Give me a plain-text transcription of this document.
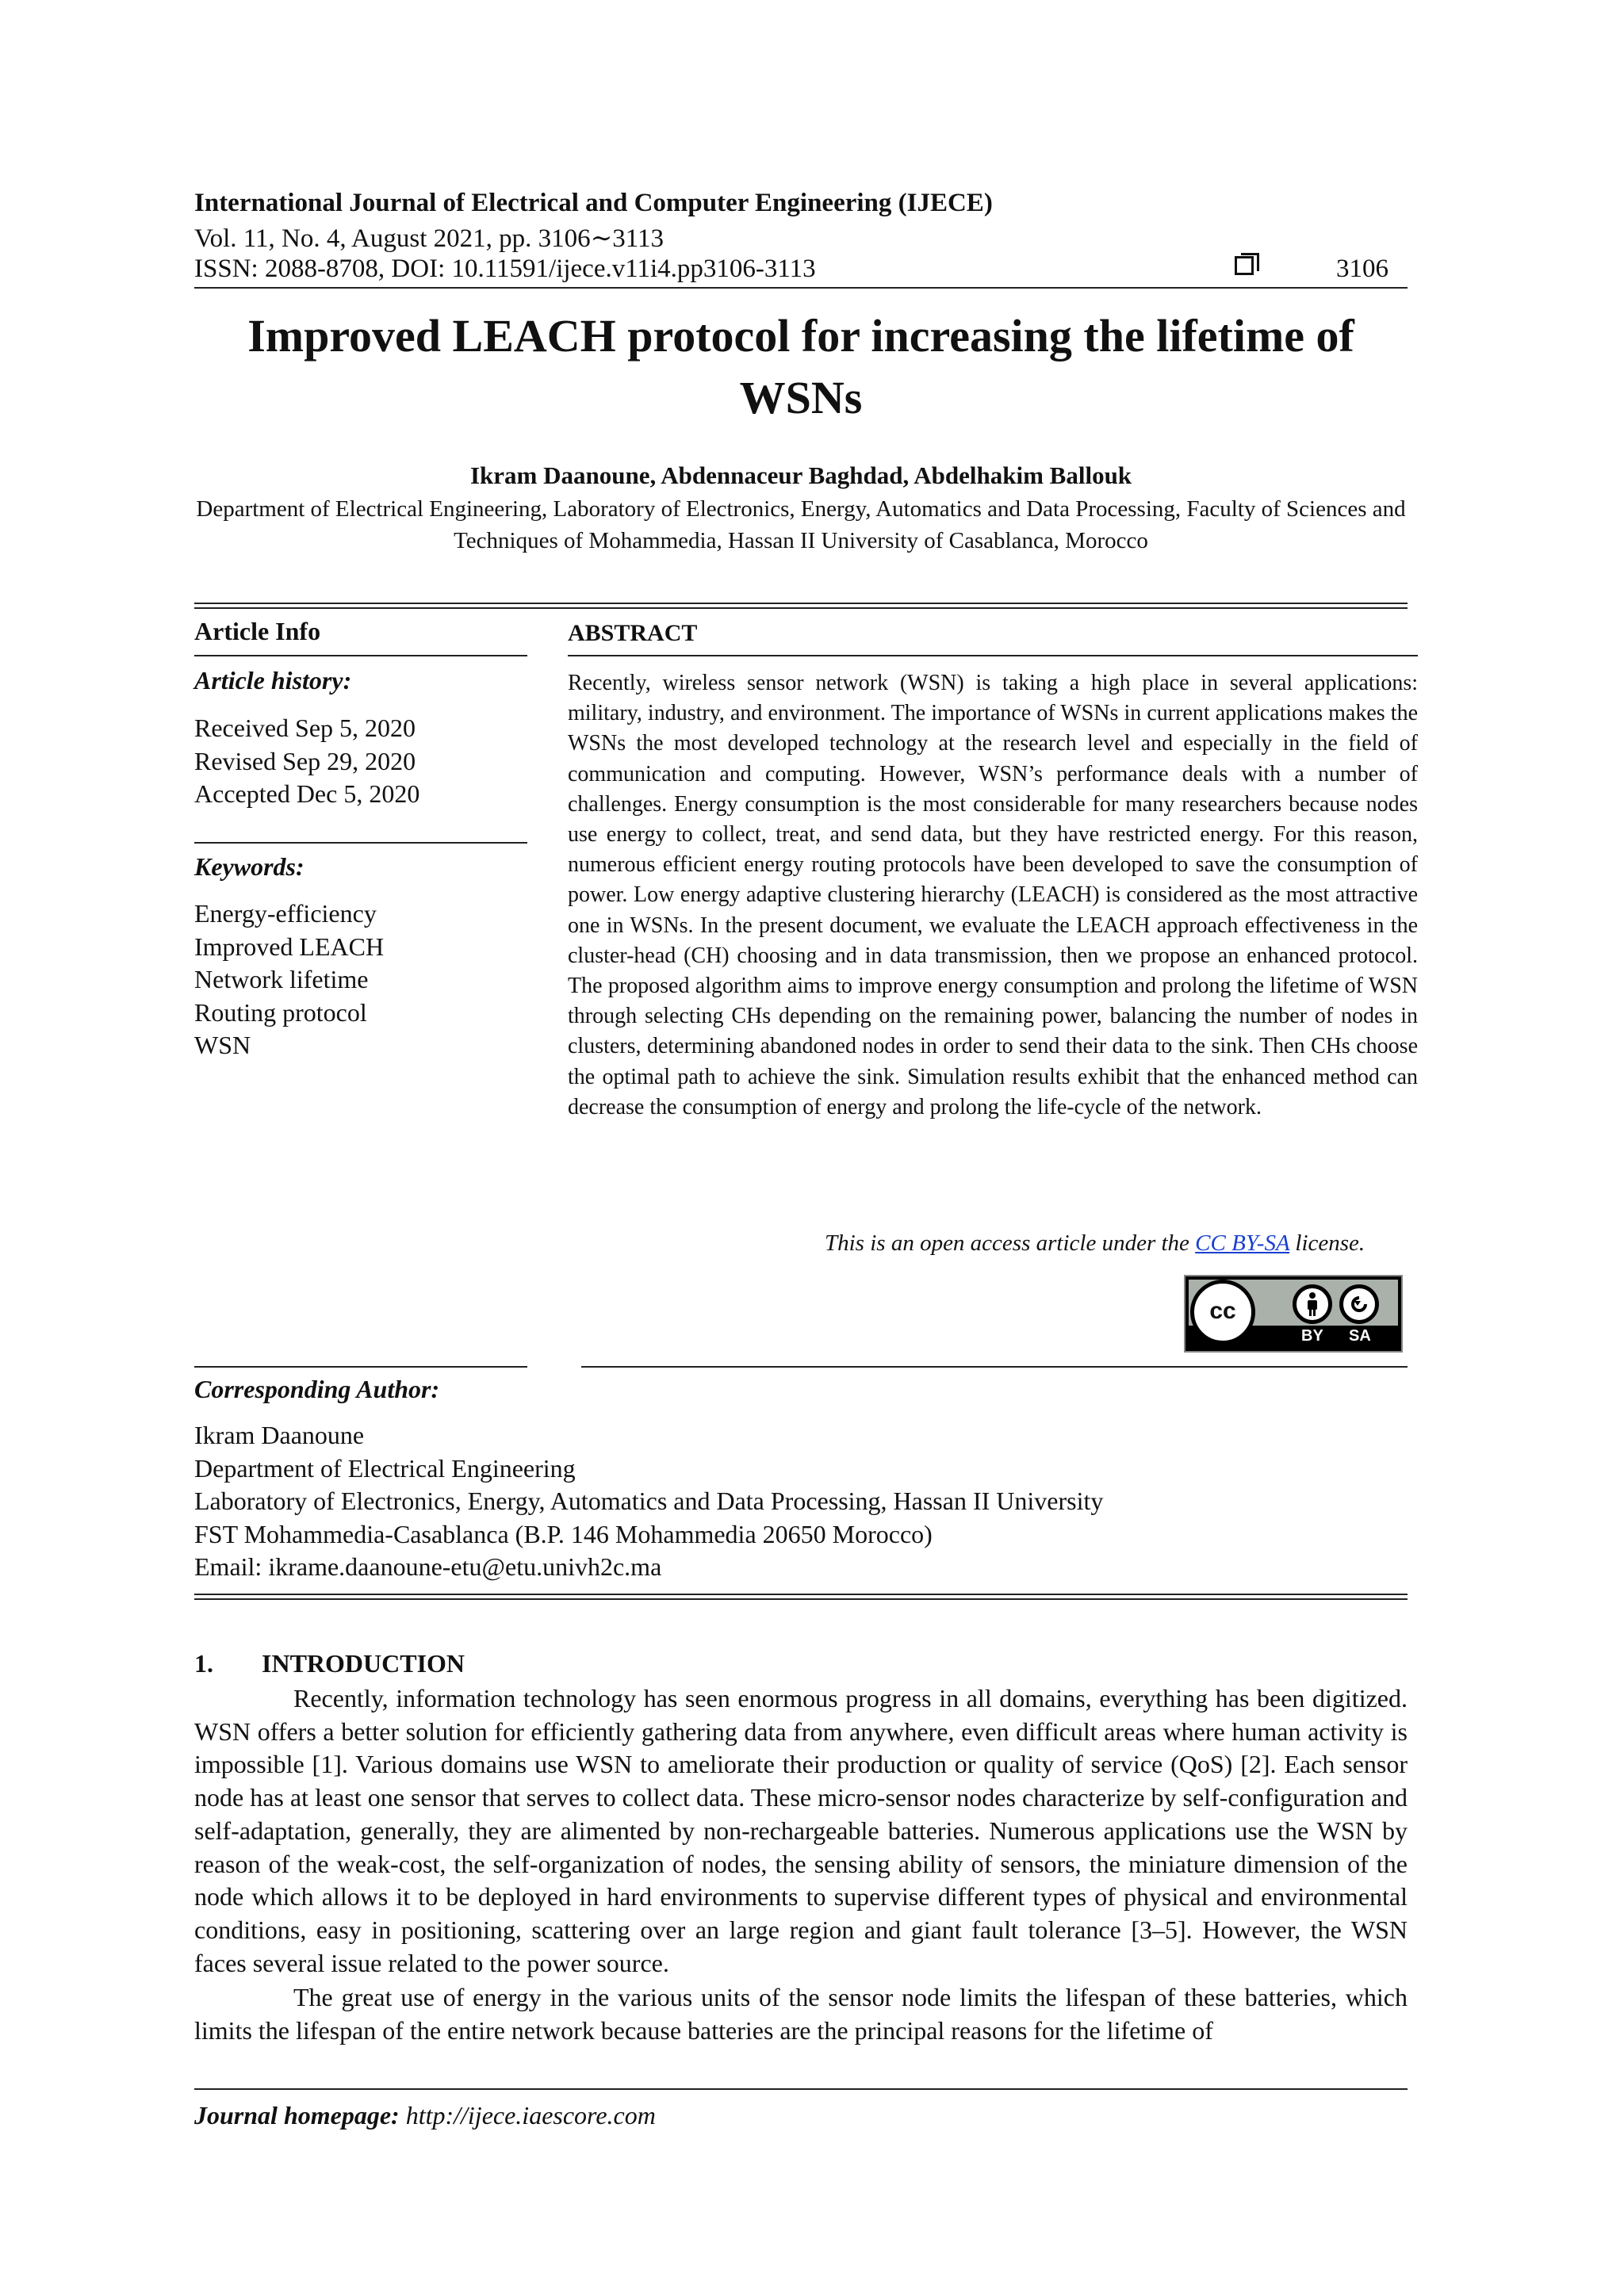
International Journal of Electrical and Computer Engineering (IJECE)
Vol. 11, No. 4, August 2021, pp. 3106∼3113
ISSN: 2088-8708, DOI: 10.11591/ijece.v11i4.pp3106-3113	3106
Improved LEACH protocol for increasing the lifetime of WSNs
Ikram Daanoune, Abdennaceur Baghdad, Abdelhakim Ballouk
Department of Electrical Engineering, Laboratory of Electronics, Energy, Automatics and Data Processing, Faculty of Sciences and Techniques of Mohammedia, Hassan II University of Casablanca, Morocco
Article Info
Article history:
Received Sep 5, 2020
Revised Sep 29, 2020
Accepted Dec 5, 2020
Keywords:
Energy-efficiency
Improved LEACH
Network lifetime
Routing protocol
WSN
ABSTRACT
Recently, wireless sensor network (WSN) is taking a high place in several applications: military, industry, and environment. The importance of WSNs in current applications makes the WSNs the most developed technology at the research level and especially in the field of communication and computing. However, WSN’s performance deals with a number of challenges. Energy consumption is the most considerable for many researchers because nodes use energy to collect, treat, and send data, but they have restricted energy. For this reason, numerous efficient energy routing protocols have been developed to save the consumption of power. Low energy adaptive clustering hierarchy (LEACH) is considered as the most attractive one in WSNs. In the present document, we evaluate the LEACH approach effectiveness in the cluster-head (CH) choosing and in data transmission, then we propose an enhanced protocol. The proposed algorithm aims to improve energy consumption and prolong the lifetime of WSN through selecting CHs depending on the remaining power, balancing the number of nodes in clusters, determining abandoned nodes in order to send their data to the sink. Then CHs choose the optimal path to achieve the sink. Simulation results exhibit that the enhanced method can decrease the consumption of energy and prolong the life-cycle of the network.
This is an open access article under the CC BY-SA license.
cc
BY SA
Corresponding Author:
Ikram Daanoune
Department of Electrical Engineering
Laboratory of Electronics, Energy, Automatics and Data Processing, Hassan II University
FST Mohammedia-Casablanca (B.P. 146 Mohammedia 20650 Morocco)
Email: ikrame.daanoune-etu@etu.univh2c.ma
1. INTRODUCTION
Recently, information technology has seen enormous progress in all domains, everything has been digitized. WSN offers a better solution for efficiently gathering data from anywhere, even difficult areas where human activity is impossible [1]. Various domains use WSN to ameliorate their production or quality of service (QoS) [2]. Each sensor node has at least one sensor that serves to collect data. These micro-sensor nodes characterize by self-configuration and self-adaptation, generally, they are alimented by non-rechargeable batteries. Numerous applications use the WSN by reason of the weak-cost, the self-organization of nodes, the sensing ability of sensors, the miniature dimension of the node which allows it to be deployed in hard environments to supervise different types of physical and environmental conditions, easy in positioning, scattering over an large region and giant fault tolerance [3–5]. However, the WSN faces several issue related to the power source.
The great use of energy in the various units of the sensor node limits the lifespan of these batteries, which limits the lifespan of the entire network because batteries are the principal reasons for the lifetime of
Journal homepage: http://ijece.iaescore.com
